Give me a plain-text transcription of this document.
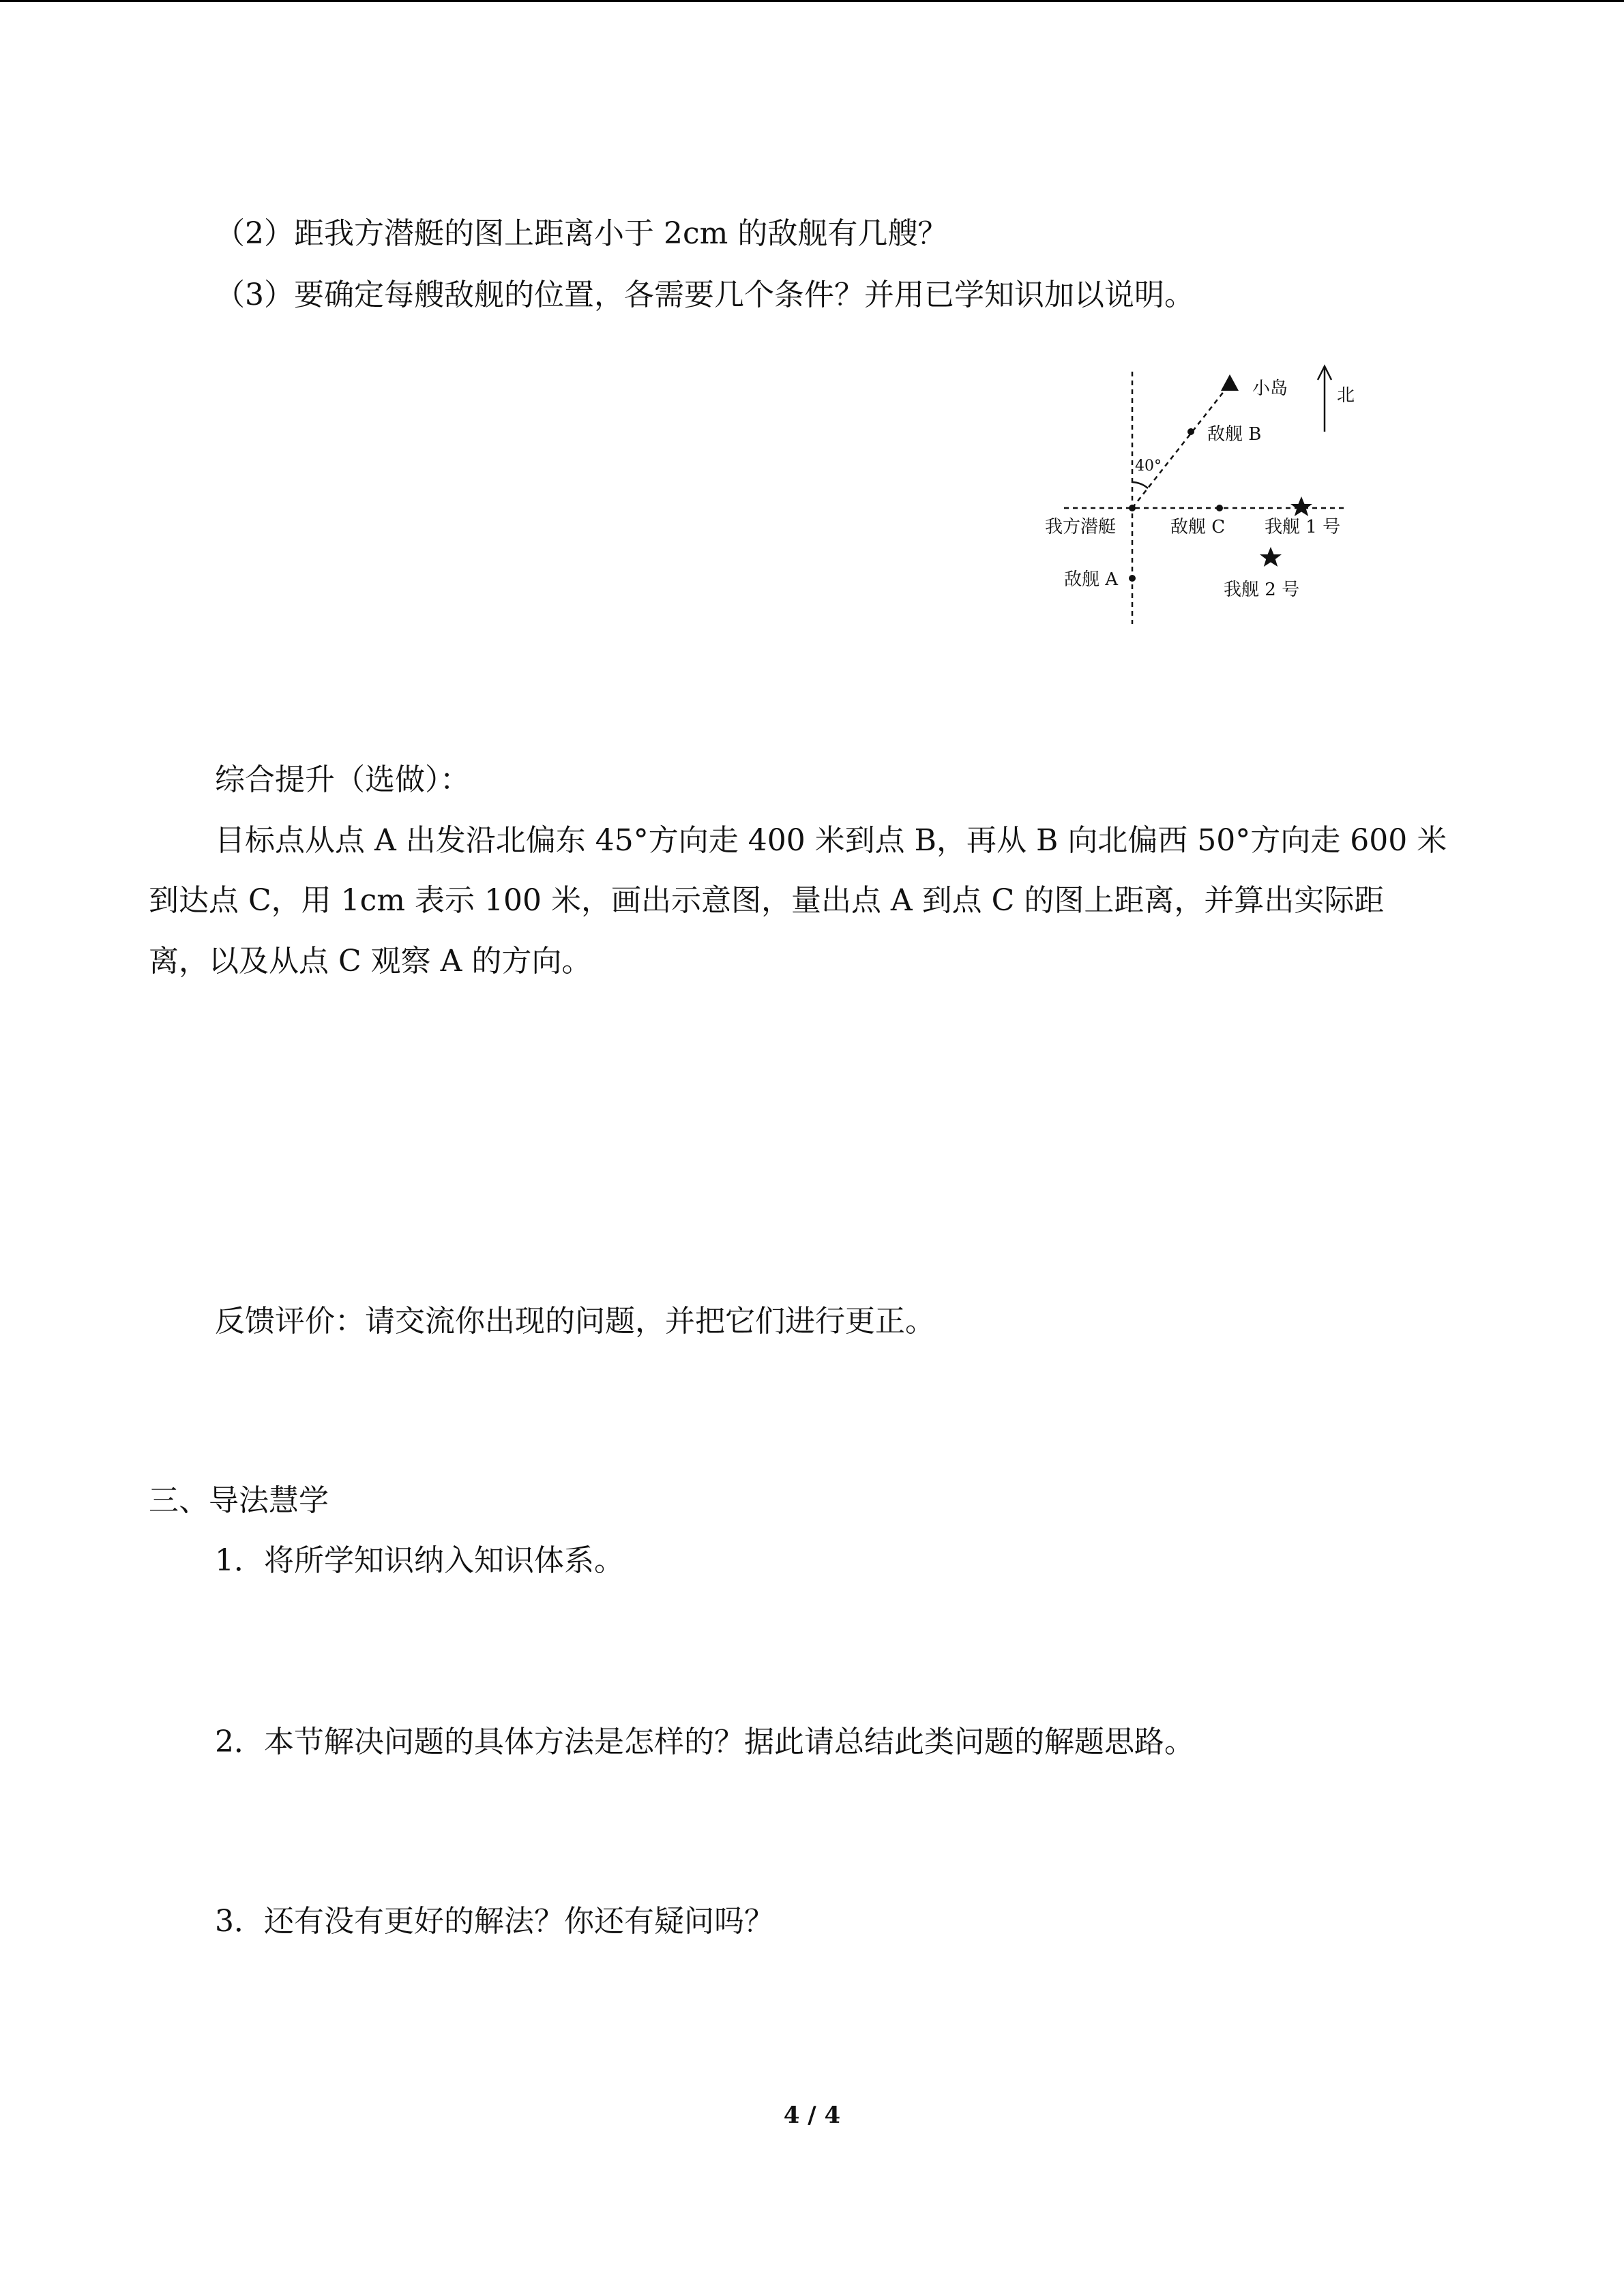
（2）距我方潜艇的图上距离小于 2cm 的敌舰有几艘？
（3）要确定每艘敌舰的位置，各需要几个条件？并用已学知识加以说明。
北
小岛
敌舰 B
40°
我方潜艇	敌舰 C 我舰 1 号
敌舰 A	我舰 2 号
综合提升（选做）：
目标点从点 A 出发沿北偏东 45°方向走 400 米到点 B，再从 B 向北偏西 50°方向走 600 米
到达点 C，用 1cm 表示 100 米，画出示意图，量出点 A 到点 C 的图上距离，并算出实际距
离，以及从点 C 观察 A 的方向。
反馈评价：请交流你出现的问题，并把它们进行更正。
三、导法慧学
1．将所学知识纳入知识体系。
2．本节解决问题的具体方法是怎样的？据此请总结此类问题的解题思路。
3．还有没有更好的解法？你还有疑问吗？
4 / 4
